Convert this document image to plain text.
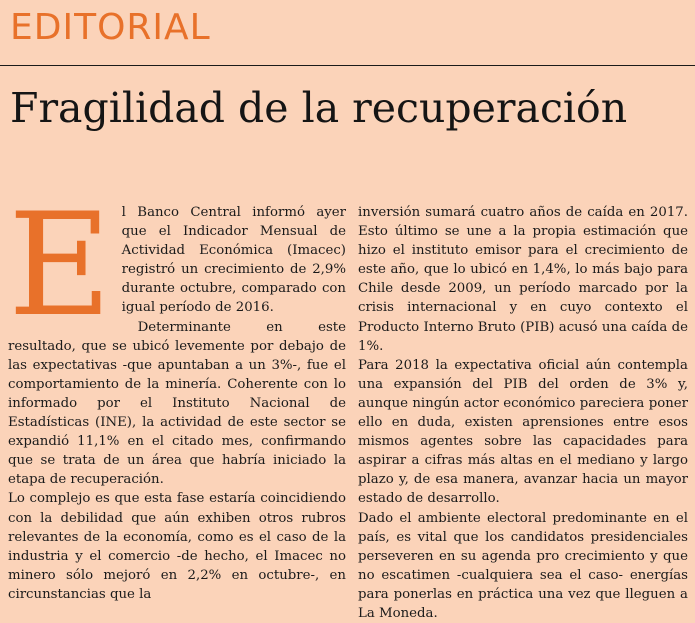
EDITORIAL
Fragilidad de la recuperación
E l Banco Central informó ayer que el Indicador Mensual de Actividad Económica (Imacec) registró un crecimiento de 2,9% durante octubre, comparado con igual período de 2016.

Determinante en este resultado, que se ubicó levemente por debajo de las expectativas -que apuntaban a un 3%-, fue el comportamiento de la minería. Coherente con lo informado por el Instituto Nacional de Estadísticas (INE), la actividad de este sector se expandió 11,1% en el citado mes, confirmando que se trata de un área que habría iniciado la etapa de recuperación.

Lo complejo es que esta fase estaría coincidiendo con la debilidad que aún exhiben otros rubros relevantes de la economía, como es el caso de la industria y el comercio -de hecho, el Imacec no minero sólo mejoró en 2,2% en octubre-, en circunstancias que la

inversión sumará cuatro años de caída en 2017. Esto último se une a la propia estimación que hizo el instituto emisor para el crecimiento de este año, que lo ubicó en 1,4%, lo más bajo para Chile desde 2009, un período marcado por la crisis internacional y en cuyo contexto el Producto Interno Bruto (PIB) acusó una caída de 1%.

Para 2018 la expectativa oficial aún contempla una expansión del PIB del orden de 3% y, aunque ningún actor económico pareciera poner ello en duda, existen aprensiones entre esos mismos agentes sobre las capacidades para aspirar a cifras más altas en el mediano y largo plazo y, de esa manera, avanzar hacia un mayor estado de desarrollo.

Dado el ambiente electoral predominante en el país, es vital que los candidatos presidenciales perseveren en su agenda pro crecimiento y que no escatimen -cualquiera sea el caso- energías para ponerlas en práctica una vez que lleguen a La Moneda.
